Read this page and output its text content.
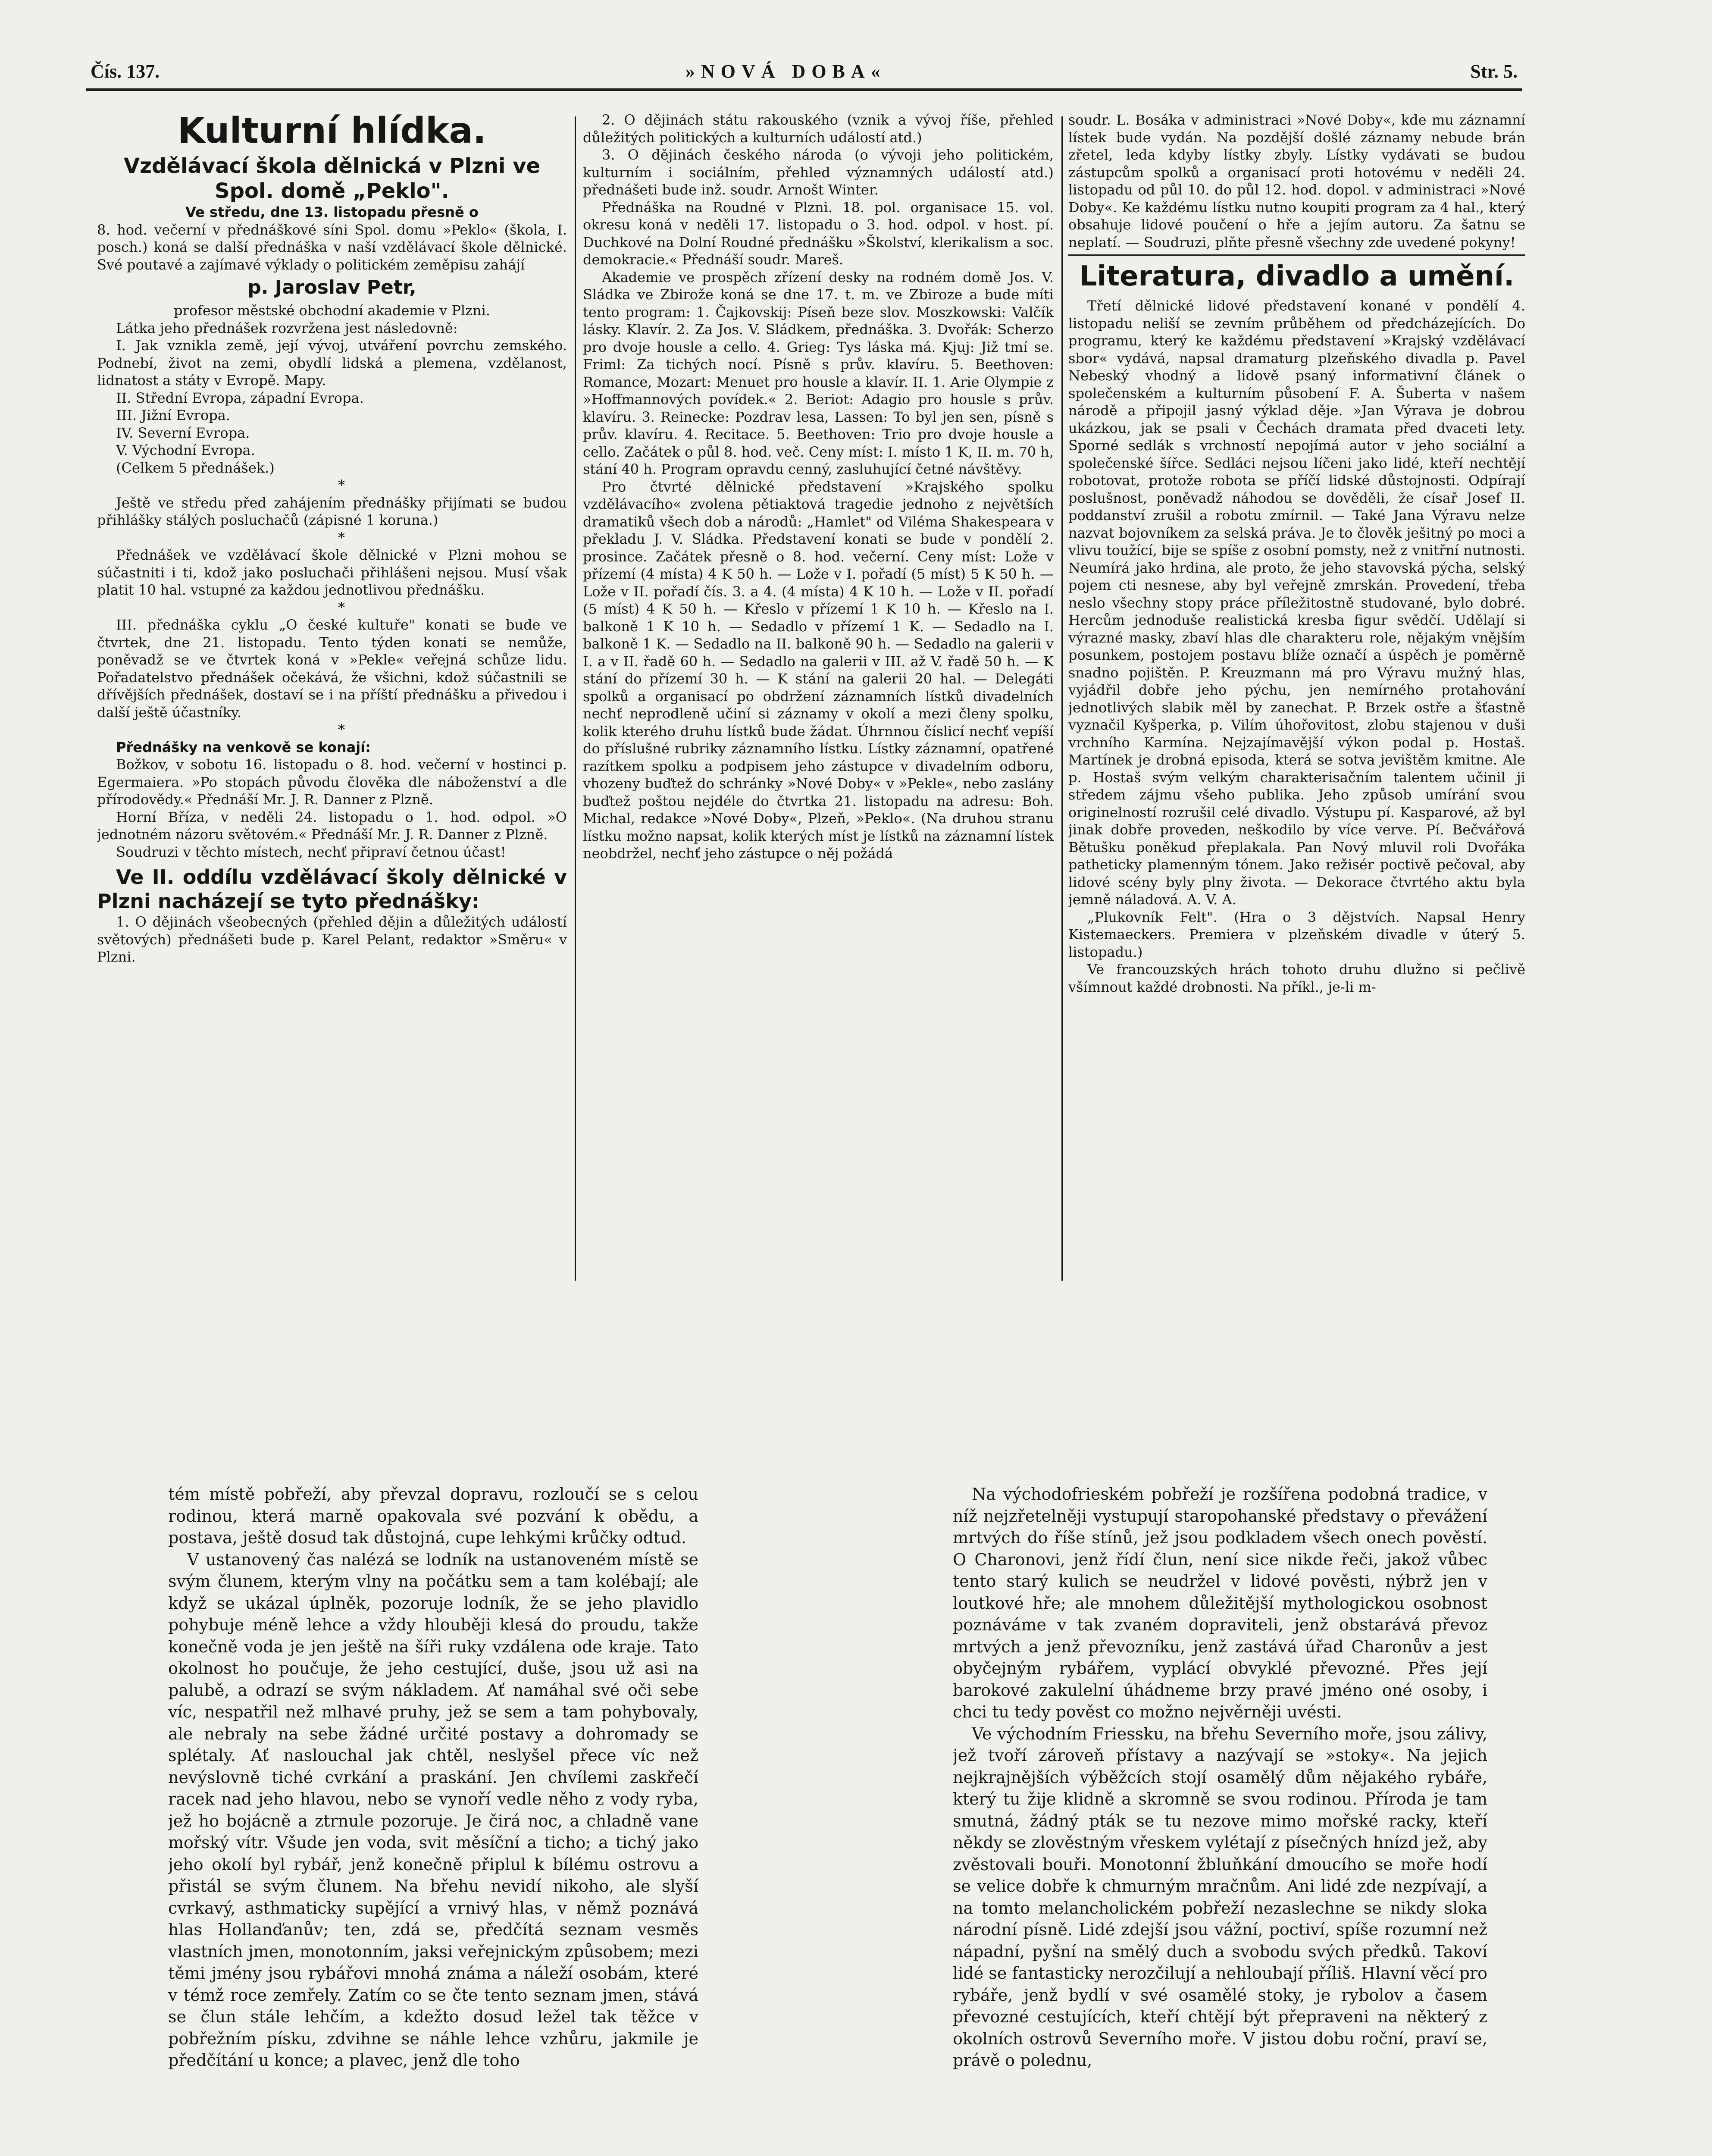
Čís. 137.	»NOVÁ DOBA«	Str. 5.
Kulturní hlídka.
Vzdělávací škola dělnická v Plzni ve Spol. domě „Peklo".

Ve středu, dne 13. listopadu přesně o

8. hod. večerní v přednáškové síni Spol. domu »Peklo« (škola, I. posch.) koná se další přednáška v naší vzdělávací škole dělnické. Své poutavé a zajímavé výklady o politickém zeměpisu zahájí

p. Jaroslav Petr,

profesor městské obchodní akademie v Plzni.

Látka jeho přednášek rozvržena jest následovně:

I. Jak vznikla země, její vývoj, utváření povrchu zemského. Podnebí, život na zemi, obydlí lidská a plemena, vzdělanost, lidnatost a státy v Evropě. Mapy.

II. Střední Evropa, západní Evropa.

III. Jižní Evropa.

IV. Severní Evropa.

V. Východní Evropa.

(Celkem 5 přednášek.)

*

Ještě ve středu před zahájením přednášky přijímati se budou přihlášky stálých posluchačů (zápisné 1 koruna.)

*

Přednášek ve vzdělávací škole dělnické v Plzni mohou se súčastniti i ti, kdož jako posluchači přihlášeni nejsou. Musí však platit 10 hal. vstupné za každou jednotlivou přednášku.

*

III. přednáška cyklu „O české kultuře" konati se bude ve čtvrtek, dne 21. listopadu. Tento týden konati se nemůže, poněvadž se ve čtvrtek koná v »Pekle« veřejná schůze lidu. Pořadatelstvo přednášek očekává, že všichni, kdož súčastnili se dřívějších přednášek, dostaví se i na příští přednášku a přivedou i další ještě účastníky.

*

Přednášky na venkově se konají:

Božkov, v sobotu 16. listopadu o 8. hod. večerní v hostinci p. Egermaiera. »Po stopách původu člověka dle náboženství a dle přírodovědy.« Přednáší Mr. J. R. Danner z Plzně.

Horní Bříza, v neděli 24. listopadu o 1. hod. odpol. »O jednotném názoru světovém.« Přednáší Mr. J. R. Danner z Plzně.

Soudruzi v těchto místech, nechť připraví četnou účast!

Ve II. oddílu vzdělávací školy dělnické v Plzni nacházejí se tyto přednášky:

1. O dějinách všeobecných (přehled dějin a důležitých událostí světových) přednášeti bude p. Karel Pelant, redaktor »Směru« v Plzni.

2. O dějinách státu rakouského (vznik a vývoj říše, přehled důležitých politických a kulturních událostí atd.)

3. O dějinách českého národa (o vývoji jeho politickém, kulturním i sociálním, přehled významných událostí atd.) přednášeti bude inž. soudr. Arnošt Winter.

Přednáška na Roudné v Plzni. 18. pol. organisace 15. vol. okresu koná v neděli 17. listopadu o 3. hod. odpol. v host. pí. Duchkové na Dolní Roudné přednášku »Školství, klerikalism a soc. demokracie.« Přednáší soudr. Mareš.

Akademie ve prospěch zřízení desky na rodném domě Jos. V. Sládka ve Zbirože koná se dne 17. t. m. ve Zbiroze a bude míti tento program: 1. Čajkovskij: Píseň beze slov. Moszkowski: Valčík lásky. Klavír. 2. Za Jos. V. Sládkem, přednáška. 3. Dvořák: Scherzo pro dvoje housle a cello. 4. Grieg: Tys láska má. Kjuj: Již tmí se. Friml: Za tichých nocí. Písně s prův. klavíru. 5. Beethoven: Romance, Mozart: Menuet pro housle a klavír. II. 1. Arie Olympie z »Hoffmannových povídek.« 2. Beriot: Adagio pro housle s prův. klavíru. 3. Reinecke: Pozdrav lesa, Lassen: To byl jen sen, písně s prův. klavíru. 4. Recitace. 5. Beethoven: Trio pro dvoje housle a cello. Začátek o půl 8. hod. več. Ceny míst: I. místo 1 K, II. m. 70 h, stání 40 h. Program opravdu cenný, zasluhující četné návštěvy.

Pro čtvrté dělnické představení »Krajského spolku vzdělávacího« zvolena pětiaktová tragedie jednoho z největších dramatiků všech dob a národů: „Hamlet" od Viléma Shakespeara v překladu J. V. Sládka. Představení konati se bude v pondělí 2. prosince. Začátek přesně o 8. hod. večerní. Ceny míst: Lože v přízemí (4 místa) 4 K 50 h. — Lože v I. pořadí (5 míst) 5 K 50 h. — Lože v II. pořadí čís. 3. a 4. (4 místa) 4 K 10 h. — Lože v II. pořadí (5 míst) 4 K 50 h. — Křeslo v přízemí 1 K 10 h. — Křeslo na I. balkoně 1 K 10 h. — Sedadlo v přízemí 1 K. — Sedadlo na I. balkoně 1 K. — Sedadlo na II. balkoně 90 h. — Sedadlo na galerii v I. a v II. řadě 60 h. — Sedadlo na galerii v III. až V. řadě 50 h. — K stání do přízemí 30 h. — K stání na galerii 20 hal. — Delegáti spolků a organisací po obdržení záznamních lístků divadelních nechť neprodleně učiní si záznamy v okolí a mezi členy spolku, kolik kterého druhu lístků bude žádat. Úhrnnou číslicí nechť vepíší do příslušné rubriky záznamního lístku. Lístky záznamní, opatřené razítkem spolku a podpisem jeho zástupce v divadelním odboru, vhozeny buďtež do schránky »Nové Doby« v »Pekle«, nebo zaslány buďtež poštou nejdéle do čtvrtka 21. listopadu na adresu: Boh. Michal, redakce »Nové Doby«, Plzeň, »Peklo«. (Na druhou stranu lístku možno napsat, kolik kterých míst je lístků na záznamní lístek neobdržel, nechť jeho zástupce o něj požádá

soudr. L. Bosáka v administraci »Nové Doby«, kde mu záznamní lístek bude vydán. Na pozdější došlé záznamy nebude brán zřetel, leda kdyby lístky zbyly. Lístky vydávati se budou zástupcům spolků a organisací proti hotovému v neděli 24. listopadu od půl 10. do půl 12. hod. dopol. v administraci »Nové Doby«. Ke každému lístku nutno koupiti program za 4 hal., který obsahuje lidové poučení o hře a jejím autoru. Za šatnu se neplatí. — Soudruzi, plňte přesně všechny zde uvedené pokyny!

Literatura, divadlo a umění.

Třetí dělnické lidové představení konané v pondělí 4. listopadu neliší se zevním průběhem od předcházejících. Do programu, který ke každému představení »Krajský vzdělávací sbor« vydává, napsal dramaturg plzeňského divadla p. Pavel Nebeský vhodný a lidově psaný informativní článek o společenském a kulturním působení F. A. Šuberta v našem národě a připojil jasný výklad děje. »Jan Výrava je dobrou ukázkou, jak se psali v Čechách dramata před dvaceti lety. Sporné sedlák s vrchností nepojímá autor v jeho sociální a společenské šířce. Sedláci nejsou líčeni jako lidé, kteří nechtějí robotovat, protože robota se příčí lidské důstojnosti. Odpírají poslušnost, poněvadž náhodou se dověděli, že císař Josef II. poddanství zrušil a robotu zmírnil. — Také Jana Výravu nelze nazvat bojovníkem za selská práva. Je to člověk ješitný po moci a vlivu toužící, bije se spíše z osobní pomsty, než z vnitřní nutnosti. Neumírá jako hrdina, ale proto, že jeho stavovská pýcha, selský pojem cti nesnese, aby byl veřejně zmrskán. Provedení, třeba neslo všechny stopy práce příležitostně studované, bylo dobré. Hercům jednoduše realistická kresba figur svědčí. Udělají si výrazné masky, zbaví hlas dle charakteru role, nějakým vnějším posunkem, postojem postavu blíže označí a úspěch je poměrně snadno pojištěn. P. Kreuzmann má pro Výravu mužný hlas, vyjádřil dobře jeho pýchu, jen nemírného protahování jednotlivých slabik měl by zanechat. P. Brzek ostře a šťastně vyznačil Kyšperka, p. Vilím úhořovitost, zlobu stajenou v duši vrchního Karmína. Nejzajímavější výkon podal p. Hostaš. Martínek je drobná episoda, která se sotva jevištěm kmitne. Ale p. Hostaš svým velkým charakterisačním talentem učinil ji středem zájmu všeho publika. Jeho způsob umírání svou originelností rozrušil celé divadlo. Výstupu pí. Kasparové, až byl jinak dobře proveden, neškodilo by více verve. Pí. Bečvářová Bětušku poněkud přeplakala. Pan Nový mluvil roli Dvořáka patheticky plamenným tónem. Jako režisér poctivě pečoval, aby lidové scény byly plny života. — Dekorace čtvrtého aktu byla jemně náladová. A. V. A.

„Plukovník Felt". (Hra o 3 dějstvích. Napsal Henry Kistemaeckers. Premiera v plzeňském divadle v úterý 5. listopadu.)

Ve francouzských hrách tohoto druhu dlužno si pečlivě všímnout každé drobnosti. Na příkl., je-li m-

tém místě pobřeží, aby převzal dopravu, rozloučí se s celou rodinou, která marně opakovala své pozvání k obědu, a postava, ještě dosud tak důstojná, cupe lehkými krůčky odtud.

V ustanovený čas nalézá se lodník na ustanoveném místě se svým člunem, kterým vlny na počátku sem a tam kolébají; ale když se ukázal úplněk, pozoruje lodník, že se jeho plavidlo pohybuje méně lehce a vždy hlouběji klesá do proudu, takže konečně voda je jen ještě na šíři ruky vzdálena ode kraje. Tato okolnost ho poučuje, že jeho cestující, duše, jsou už asi na palubě, a odrazí se svým nákladem. Ať namáhal své oči sebe víc, nespatřil než mlhavé pruhy, jež se sem a tam pohybovaly, ale nebraly na sebe žádné určité postavy a dohromady se splétaly. Ať naslouchal jak chtěl, neslyšel přece víc než nevýslovně tiché cvrkání a praskání. Jen chvílemi zaskřečí racek nad jeho hlavou, nebo se vynoří vedle něho z vody ryba, jež ho bojácně a ztrnule pozoruje. Je čirá noc, a chladně vane mořský vítr. Všude jen voda, svit měsíční a ticho; a tichý jako jeho okolí byl rybář, jenž konečně připlul k bílému ostrovu a přistál se svým člunem. Na břehu nevidí nikoho, ale slyší cvrkavý, asthmaticky supějící a vrnivý hlas, v němž poznává hlas Hollanďanův; ten, zdá se, předčítá seznam vesměs vlastních jmen, monotonním, jaksi veřejnickým způsobem; mezi těmi jmény jsou rybářovi mnohá známa a náleží osobám, které v témž roce zemřely. Zatím co se čte tento seznam jmen, stává se člun stále lehčím, a kdežto dosud ležel tak těžce v pobřežním písku, zdvihne se náhle lehce vzhůru, jakmile je předčítání u konce; a plavec, jenž dle toho

Na východofrieském pobřeží je rozšířena podobná tradice, v níž nejzřetelněji vystupují staropohanské představy o převážení mrtvých do říše stínů, jež jsou podkladem všech onech pověstí. O Charonovi, jenž řídí člun, není sice nikde řeči, jakož vůbec tento starý kulich se neudržel v lidové pověsti, nýbrž jen v loutkové hře; ale mnohem důležitější mythologickou osobnost poznáváme v tak zvaném dopraviteli, jenž obstarává převoz mrtvých a jenž převozníku, jenž zastává úřad Charonův a jest obyčejným rybářem, vyplácí obvyklé převozné. Přes její barokové zakulelní úhádneme brzy pravé jméno oné osoby, i chci tu tedy pověst co možno nejvěrněji uvésti.

Ve východním Friessku, na břehu Severního moře, jsou zálivy, jež tvoří zároveň přístavy a nazývají se »stoky«. Na jejich nejkrajnějších výběžcích stojí osamělý dům nějakého rybáře, který tu žije klidně a skromně se svou rodinou. Příroda je tam smutná, žádný pták se tu nezove mimo mořské racky, kteří někdy se zlověstným vřeskem vylétají z písečných hnízd jež, aby zvěstovali bouři. Monotonní žbluňkání dmoucího se moře hodí se velice dobře k chmurným mračnům. Ani lidé zde nezpívají, a na tomto melancholickém pobřeží nezaslechne se nikdy sloka národní písně. Lidé zdejší jsou vážní, poctiví, spíše rozumní než nápadní, pyšní na smělý duch a svobodu svých předků. Takoví lidé se fantasticky nerozčilují a nehloubají příliš. Hlavní věcí pro rybáře, jenž bydlí v své osamělé stoky, je rybolov a časem převozné cestujících, kteří chtějí být přepraveni na některý z okolních ostrovů Severního moře. V jistou dobu roční, praví se, právě o polednu,
